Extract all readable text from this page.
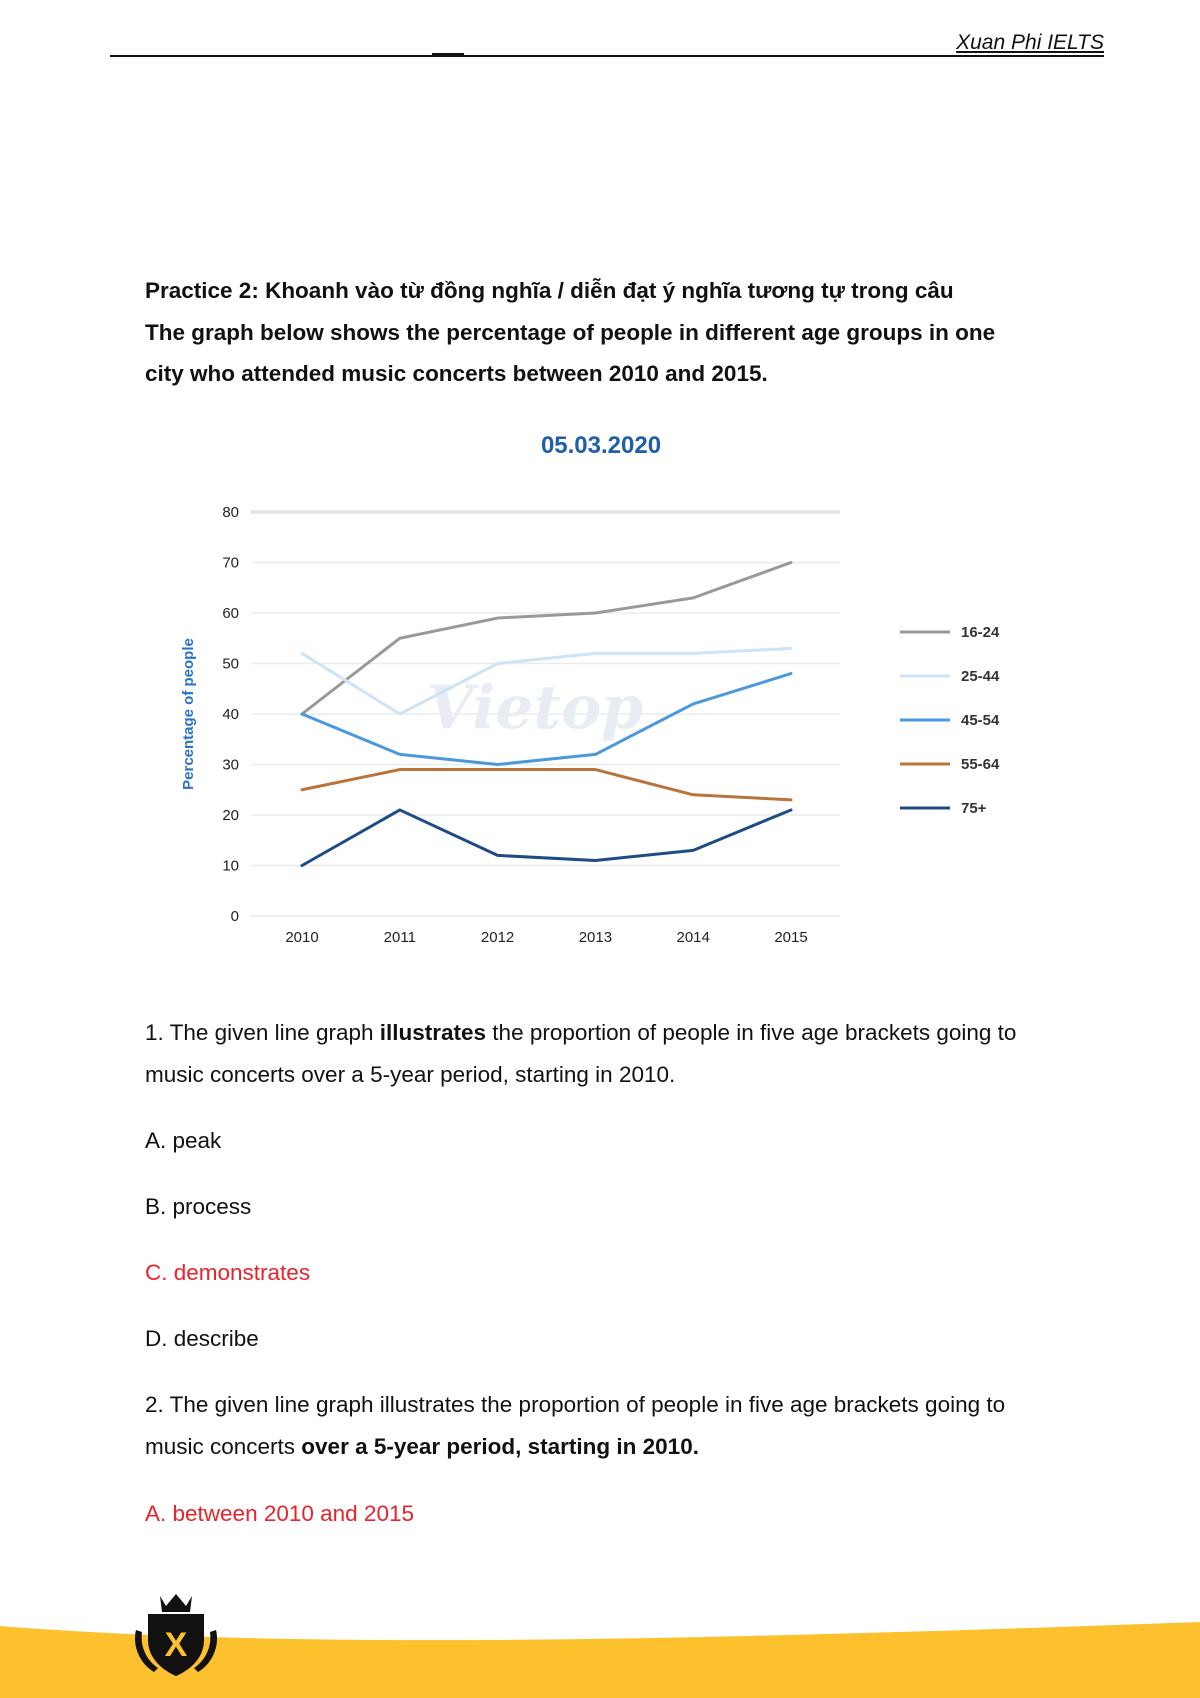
Xuan Phi IELTS

Practice 2: Khoanh vào từ đồng nghĩa / diễn đạt ý nghĩa tương tự trong câu

The graph below shows the percentage of people in different age groups in one

city who attended music concerts between 2010 and 2015.

05.03.2020
Vietop
0
10
20
30
40
50
60
70
80
2010	2011	2012	2013	2014	2015
Percentage of people
16-24
25-44
45-54
55-64
75+

1. The given line graph illustrates the proportion of people in five age brackets going to

music concerts over a 5-year period, starting in 2010.

A. peak
B. process
C. demonstrates
D. describe

2. The given line graph illustrates the proportion of people in five age brackets going to

music concerts over a 5-year period, starting in 2010.

A. between 2010 and 2015
X
